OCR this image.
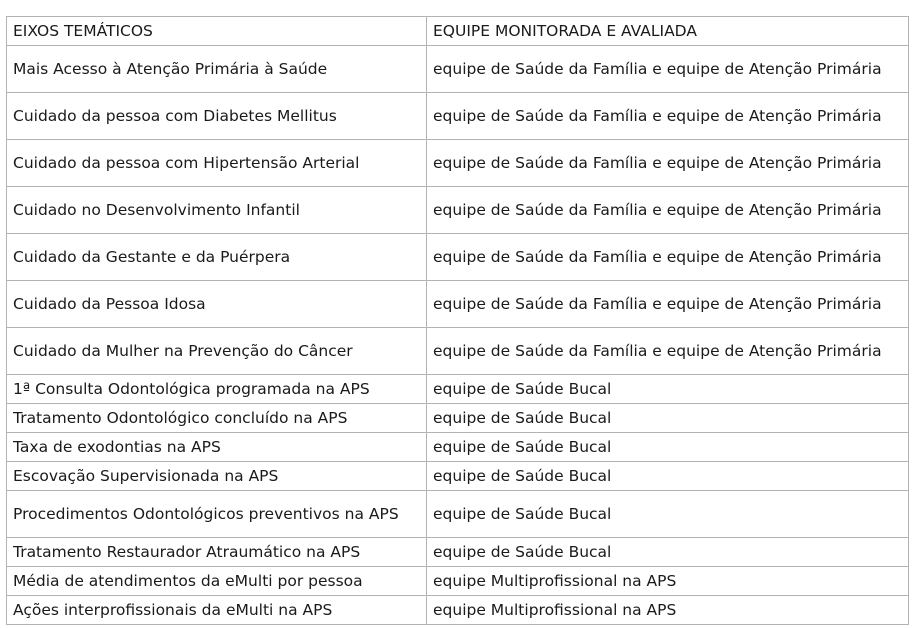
EIXOS TEMÁTICOS	EQUIPE MONITORADA E AVALIADA
Mais Acesso à Atenção Primária à Saúde	equipe de Saúde da Família e equipe de Atenção Primária
Cuidado da pessoa com Diabetes Mellitus	equipe de Saúde da Família e equipe de Atenção Primária
Cuidado da pessoa com Hipertensão Arterial	equipe de Saúde da Família e equipe de Atenção Primária
Cuidado no Desenvolvimento Infantil	equipe de Saúde da Família e equipe de Atenção Primária
Cuidado da Gestante e da Puérpera	equipe de Saúde da Família e equipe de Atenção Primária
Cuidado da Pessoa Idosa	equipe de Saúde da Família e equipe de Atenção Primária
Cuidado da Mulher na Prevenção do Câncer	equipe de Saúde da Família e equipe de Atenção Primária
1ª Consulta Odontológica programada na APS	equipe de Saúde Bucal
Tratamento Odontológico concluído na APS	equipe de Saúde Bucal
Taxa de exodontias na APS	equipe de Saúde Bucal
Escovação Supervisionada na APS	equipe de Saúde Bucal
Procedimentos Odontológicos preventivos na APS	equipe de Saúde Bucal
Tratamento Restaurador Atraumático na APS	equipe de Saúde Bucal
Média de atendimentos da eMulti por pessoa	equipe Multiprofissional na APS
Ações interprofissionais da eMulti na APS	equipe Multiprofissional na APS
